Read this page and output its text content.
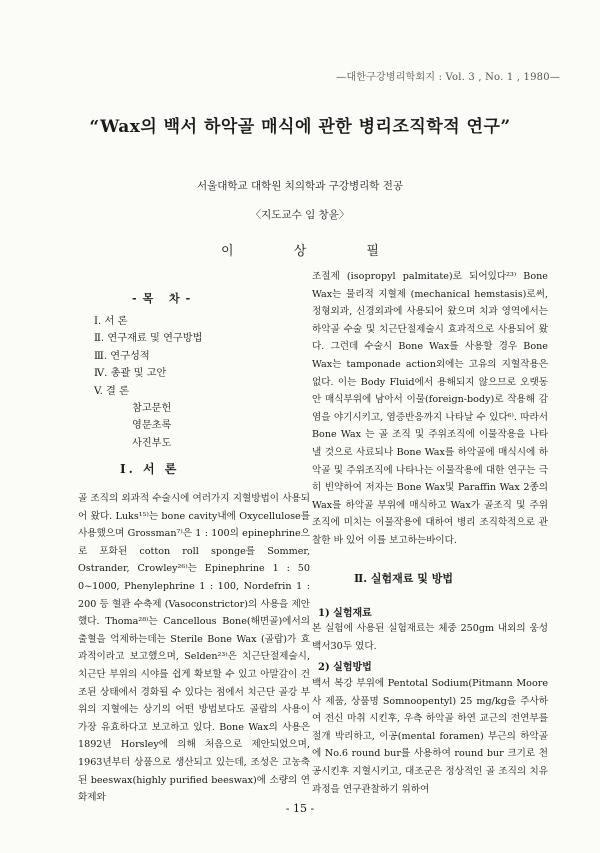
—대한구강병리학회지 : Vol. 3 , No. 1 , 1980—
“Wax의 백서 하악골 매식에 관한 병리조직학적 연구”
서울대학교 대학원 치의학과 구강병리학 전공
〈지도교수 임 창윤〉
이 상 필
-목 차-
I. 서 론
Ⅱ. 연구재료 및 연구방법
Ⅲ. 연구성적
Ⅳ. 총괄 및 고안
V. 결 론
참고문헌
영문초록
사진부도
I. 서 론
골 조직의 외과적 수술시에 여러가지 지혈방법이 사용되어 왔다. Luks¹⁵⁾는 bone cavity내에 Oxycellulose를 사용했으며 Grossman⁷⁾은 1 : 100의 epinephrine으로 포화된 cotton roll sponge를 Sommer, Ostrander, Crowley²⁶⁾는 Epinephrine 1 : 50 0~1000, Phenylephrine 1 : 100, Nordefrin 1 : 200 등 혈관 수축제 (Vasoconstrictor)의 사용을 제안했다. Thoma²⁸⁾는 Cancellous Bone(해면골)에서의 출혈을 억제하는데는 Sterile Bone Wax (골랍)가 효과적이라고 보고했으며, Selden²³⁾은 치근단절제술시, 치근단 부위의 시야를 쉽게 확보할 수 있고 아말감이 건조된 상태에서 경화될 수 있다는 점에서 치근단 골강 부위의 지혈에는 상기의 어떤 방법보다도 골랍의 사용이 가장 유효하다고 보고하고 있다. Bone Wax의 사용은 1892년 Horsley에 의해 처음으로 제안되었으며, 1963년부터 상품으로 생산되고 있는데, 조성은 고농축된 beeswax(highly purified beeswax)에 소량의 연화제와
조절제 (isopropyl palmitate)로 되어있다²³⁾ Bone Wax는 물리적 지혈제 (mechanical hemstasis)로써, 정형외과, 신경외과에 사용되어 왔으며 치과 영역에서는 하악골 수술 및 치근단절제술시 효과적으로 사용되어 왔다. 그런데 수술시 Bone Wax를 사용할 경우 Bone Wax는 tamponade action외에는 고유의 지혈작용은 없다. 이는 Body Fluid에서 용해되지 않으므로 오랫동안 매식부위에 남아서 이물(foreign-body)로 작용해 감염을 야기시키고, 염증반응까지 나타날 수 있다⁶⁾. 따라서 Bone Wax 는 골 조직 및 주위조직에 이물작용을 나타낼 것으로 사료되나 Bone Wax를 하악골에 매식시에 하악골 및 주위조직에 나타나는 이물작용에 대한 연구는 극히 빈약하여 저자는 Bone Wax및 Paraffin Wax 2종의 Wax를 하악골 부위에 매식하고 Wax가 골조직 및 주위조직에 미치는 이물작용에 대하여 병리 조직학적으로 관찰한 바 있어 이를 보고하는바이다.
Ⅱ. 실험재료 및 방법
1) 실험재료
본 실험에 사용된 실험재료는 체중 250gm 내외의 웅성 백서30두 였다.
2) 실험방법
백서 복강 부위에 Pentotal Sodium(Pitmann Moore사 제품, 상품명 Somnoopentyl) 25 mg/kg을 주사하여 전신 마취 시킨후, 우측 하악골 하연 교근의 전연부를 절개 박리하고, 이공(mental foramen) 부근의 하악골에 No.6 round bur를 사용하여 round bur 크기로 천공시킨후 지혈시키고, 대조군은 정상적인 골 조직의 치유 과정을 연구관찰하기 위하여
- 15 -
